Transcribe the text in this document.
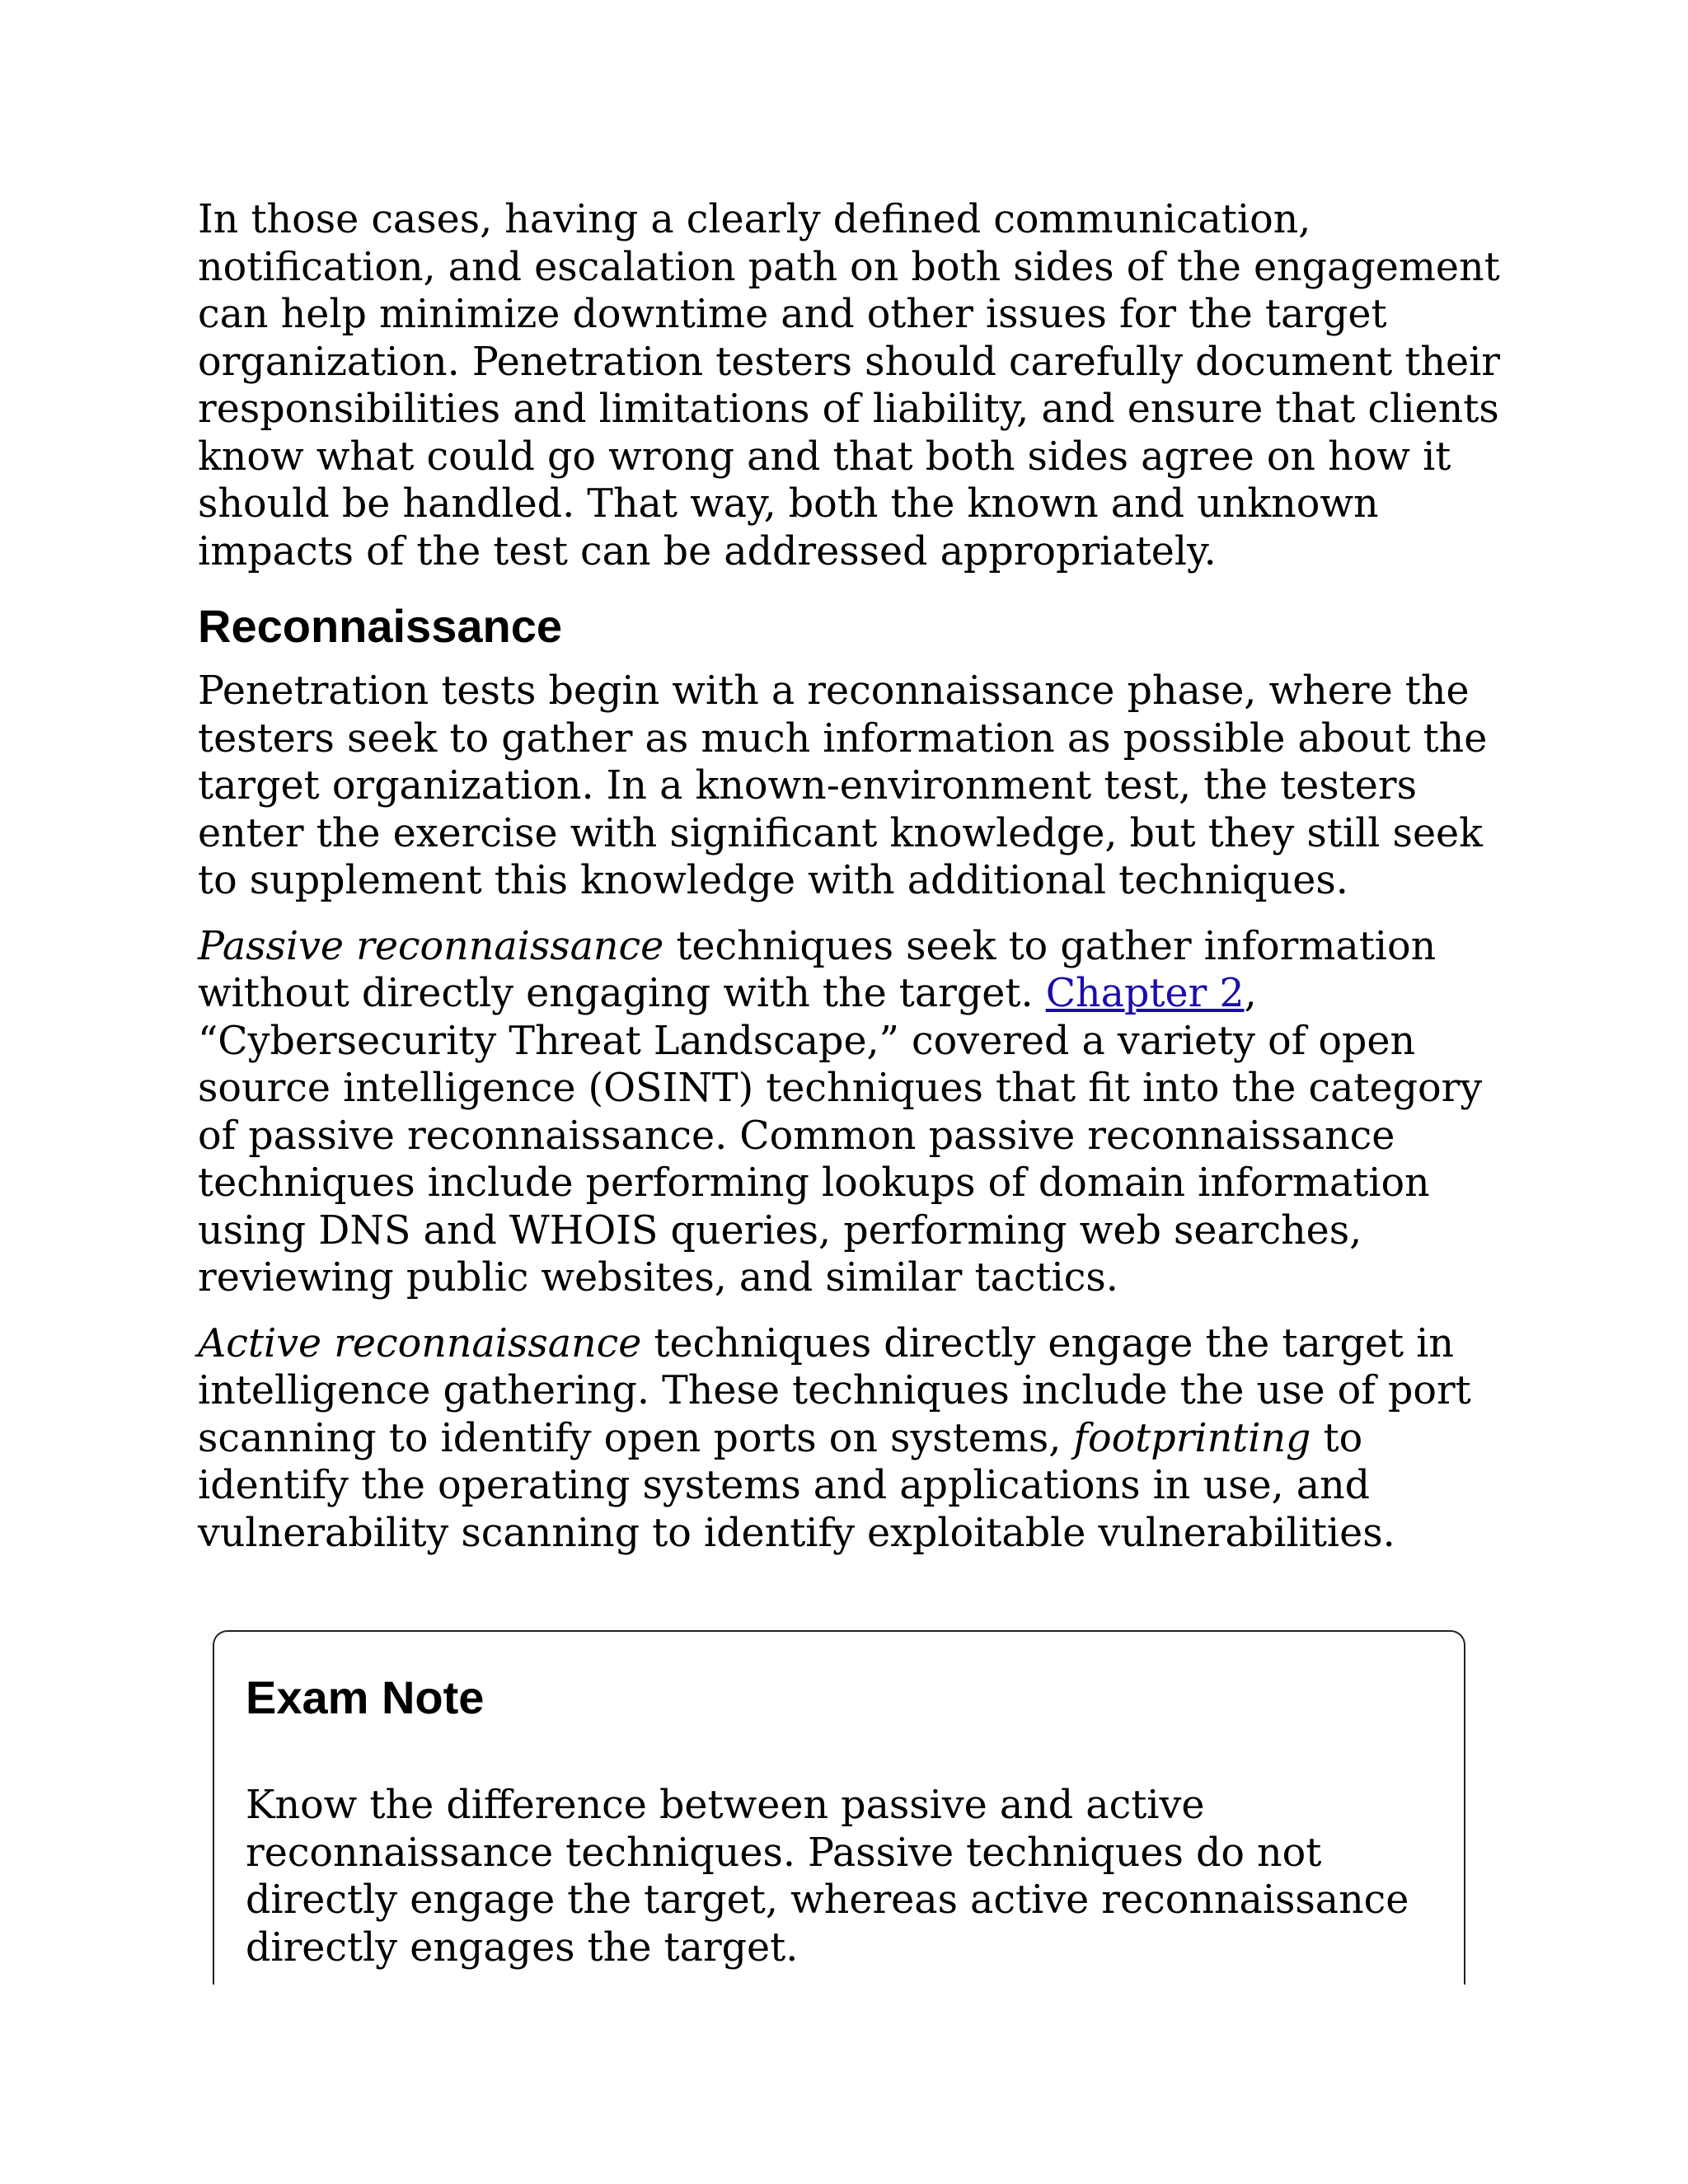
In those cases, having a clearly defined communication, notification, and escalation path on both sides of the engagement can help minimize downtime and other issues for the target organization. Penetration testers should carefully document their responsibilities and limitations of liability, and ensure that clients know what could go wrong and that both sides agree on how it should be handled. That way, both the known and unknown impacts of the test can be addressed appropriately.

Reconnaissance

Penetration tests begin with a reconnaissance phase, where the testers seek to gather as much information as possible about the target organization. In a known-environment test, the testers enter the exercise with significant knowledge, but they still seek to supplement this knowledge with additional techniques.

Passive reconnaissance techniques seek to gather information without directly engaging with the target. Chapter 2, “Cybersecurity Threat Landscape,” covered a variety of open source intelligence (OSINT) techniques that fit into the category of passive reconnaissance. Common passive reconnaissance techniques include performing lookups of domain information using DNS and WHOIS queries, performing web searches, reviewing public websites, and similar tactics.

Active reconnaissance techniques directly engage the target in intelligence gathering. These techniques include the use of port scanning to identify open ports on systems, footprinting to identify the operating systems and applications in use, and vulnerability scanning to identify exploitable vulnerabilities.

Exam Note

Know the difference between passive and active reconnaissance techniques. Passive techniques do not directly engage the target, whereas active reconnaissance directly engages the target.
